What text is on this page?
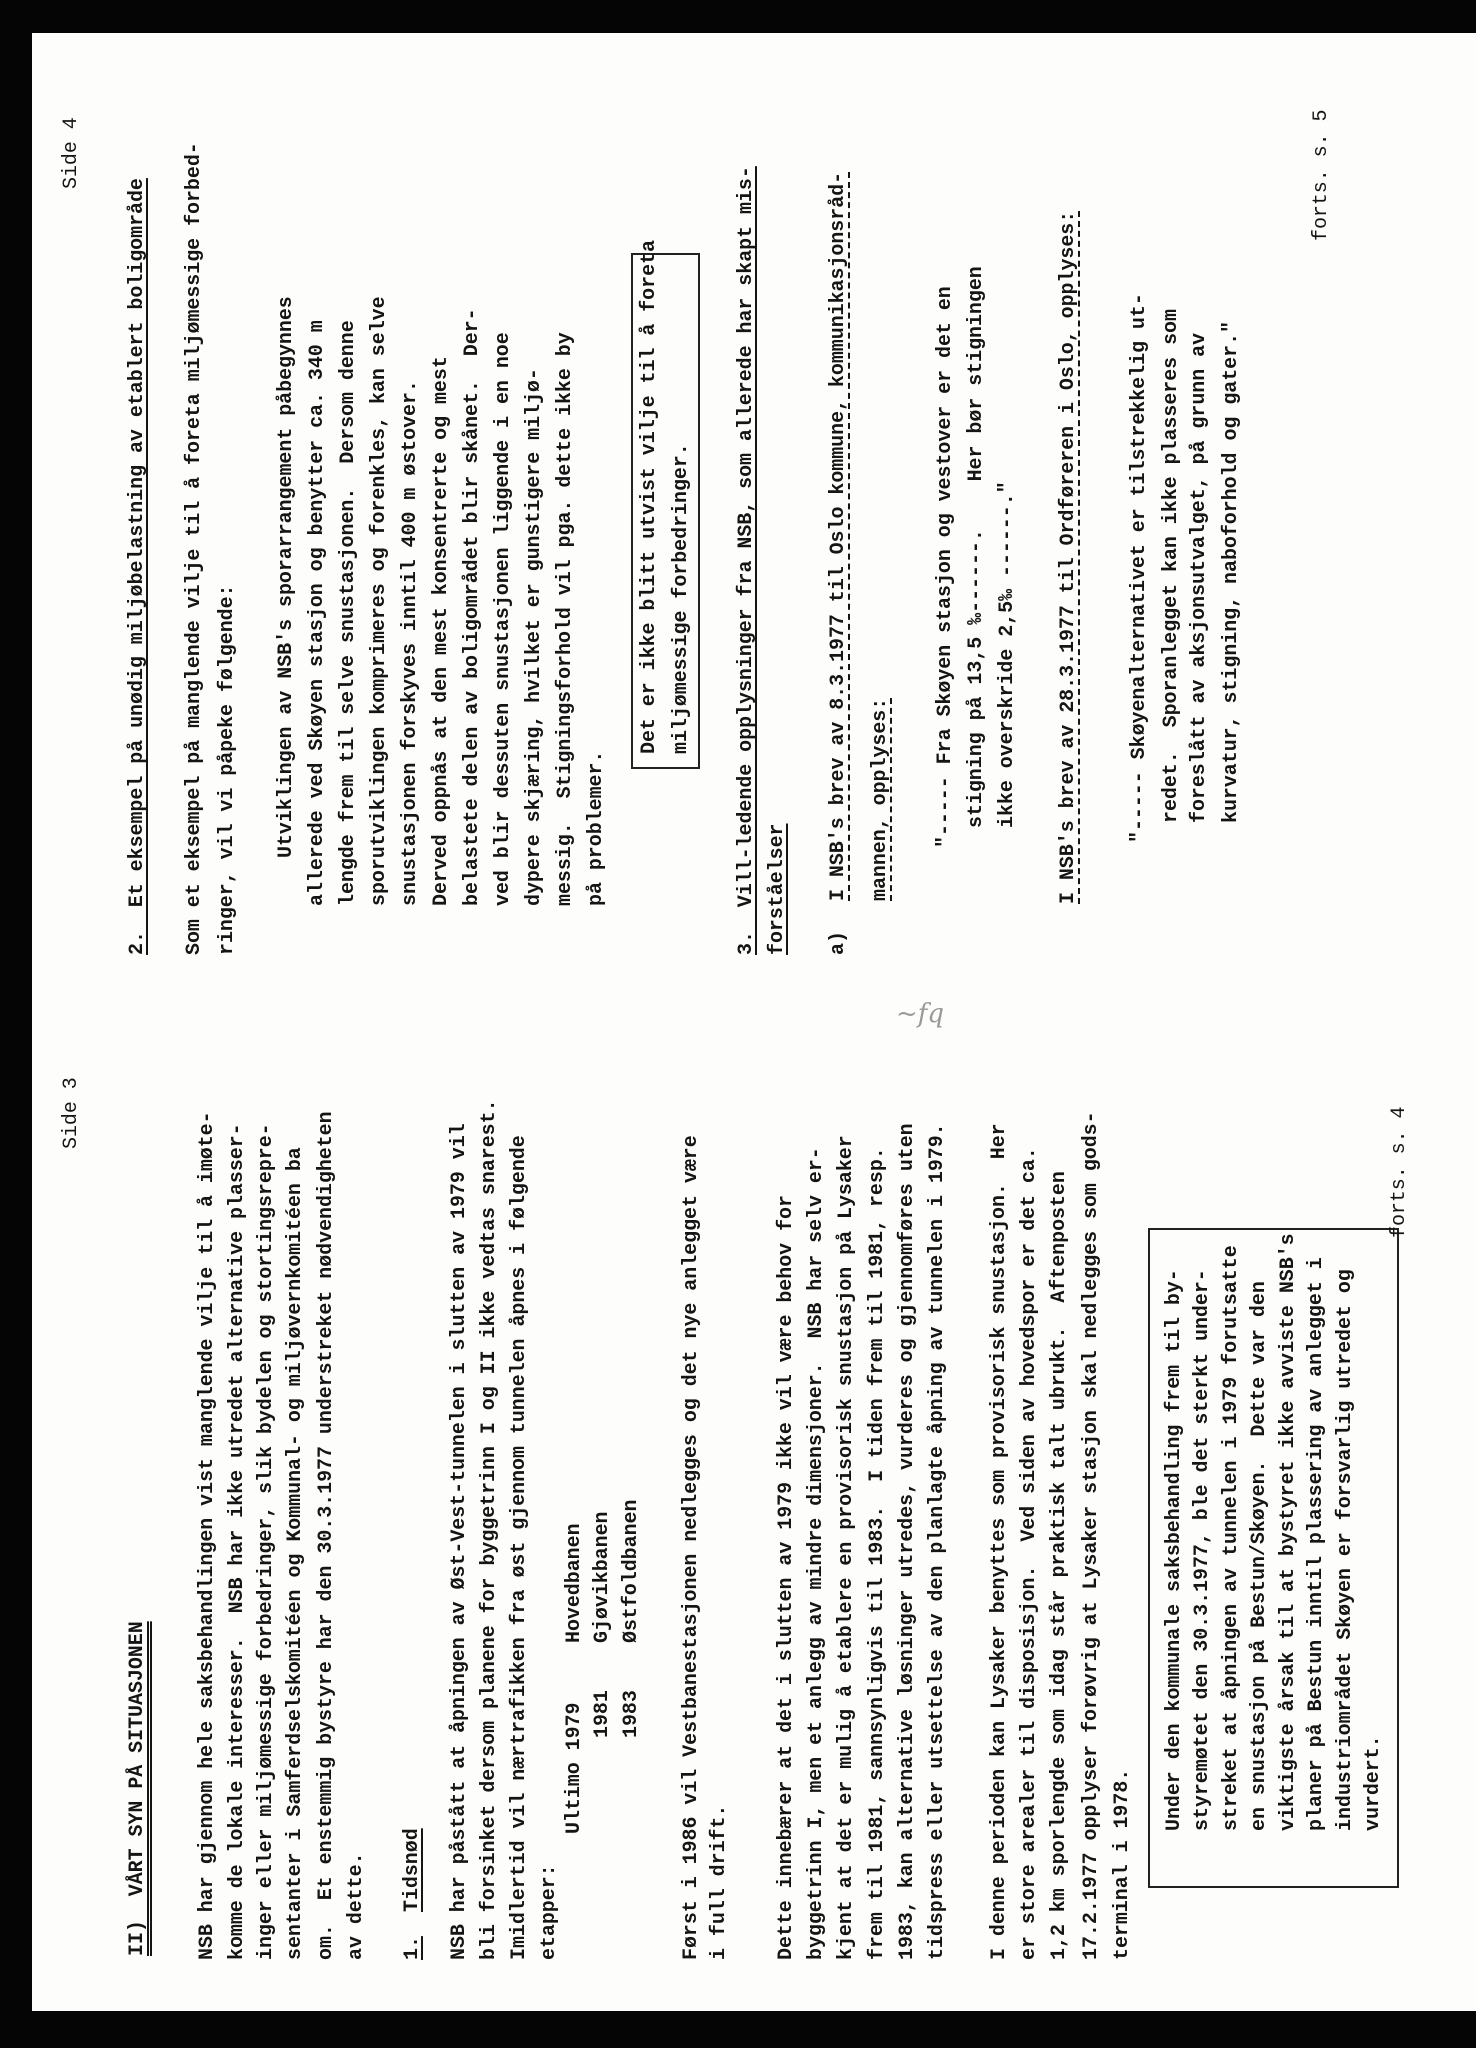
Side 3
II)  VÅRT SYN PÅ SITUASJONEN NSB har gjennom hele saksbehandlingen vist manglende vilje til å imøte- komme de lokale interesser.  NSB har ikke utredet alternative plasser- inger eller miljømessige forbedringer, slik bydelen og stortingsrepre- sentanter i Samferdselskomitéen og Kommunal- og miljøvernkomitéen ba om.  Et enstemmig bystyre har den 30.3.1977 understreket nødvendigheten av dette. 1.
Tidsnød NSB har påstått at åpningen av Øst-Vest-tunnelen i slutten av 1979 vil bli forsinket dersom planene for byggetrinn I og II ikke vedtas snarest. Imidlertid vil nærtrafikken fra øst gjennom tunnelen åpnes i følgende etapper:
Ultimo 1979
Hovedbanen
1981
Gjøvikbanen
1983
Østfoldbanen Først i 1986 vil Vestbanestasjonen nedlegges og det nye anlegget være i full drift. Dette innebærer at det i slutten av 1979 ikke vil være behov for byggetrinn I, men et anlegg av mindre dimensjoner.  NSB har selv er- kjent at det er mulig å etablere en provisorisk snustasjon på Lysaker frem til 1981, sannsynligvis til 1983.  I tiden frem til 1981, resp. 1983, kan alternative løsninger utredes, vurderes og gjennomføres uten tidspress eller utsettelse av den planlagte åpning av tunnelen i 1979. I denne perioden kan Lysaker benyttes som provisorisk snustasjon.  Her er store arealer til disposisjon.  Ved siden av hovedspor er det ca. 1,2 km sporlengde som idag står praktisk talt ubrukt.  Aftenposten 17.2.1977 opplyser forøvrig at Lysaker stasjon skal nedlegges som gods- terminal i 1978.
Under den kommunale saksbehandling frem til by- styremøtet den 30.3.1977, ble det sterkt under- streket at åpningen av tunnelen i 1979 forutsatte en snustasjon på Bestun/Skøyen.  Dette var den viktigste årsak til at bystyret ikke avviste NSB's planer på Bestun inntil plassering av anlegget i industriområdet Skøyen er forsvarlig utredet og vurdert.
forts. s. 4
~fq
Side 4
2.  Et eksempel på unødig miljøbelastning av etablert boligområde Som et eksempel på manglende vilje til å foreta miljømessige forbed- ringer, vil vi påpeke følgende: Utviklingen av NSB's sporarrangement påbegynnes allerede ved Skøyen stasjon og benytter ca. 340 m lengde frem til selve snustasjonen.  Dersom denne sporutviklingen komprimeres og forenkles, kan selve snustasjonen forskyves inntil 400 m østover. Derved oppnås at den mest konsentrerte og mest belastete delen av boligområdet blir skånet.  Der- ved blir dessuten snustasjonen liggende i en noe dypere skjæring, hvilket er gunstigere miljø- messig.  Stigningsforhold vil pga. dette ikke by på problemer.
Det er ikke blitt utvist vilje til å foreta miljømessige forbedringer. 3.  Vill-ledende opplysninger fra NSB, som allerede har skapt mis- forståelser a)
I NSB's brev av 8.3.1977 til Oslo kommune, kommunikasjonsråd- mannen, opplyses: "----- Fra Skøyen stasjon og vestover er det en stigning på 13,5 ‰------.    Her bør stigningen ikke overskride 2,5‰ ------." I NSB's brev av 28.3.1977 til Ordføreren i Oslo, opplyses: "----- Skøyenalternativet er tilstrekkelig ut- redet.  Sporanlegget kan ikke plasseres som foreslått av aksjonsutvalget, på grunn av kurvatur, stigning, naboforhold og gater."
forts. s. 5
